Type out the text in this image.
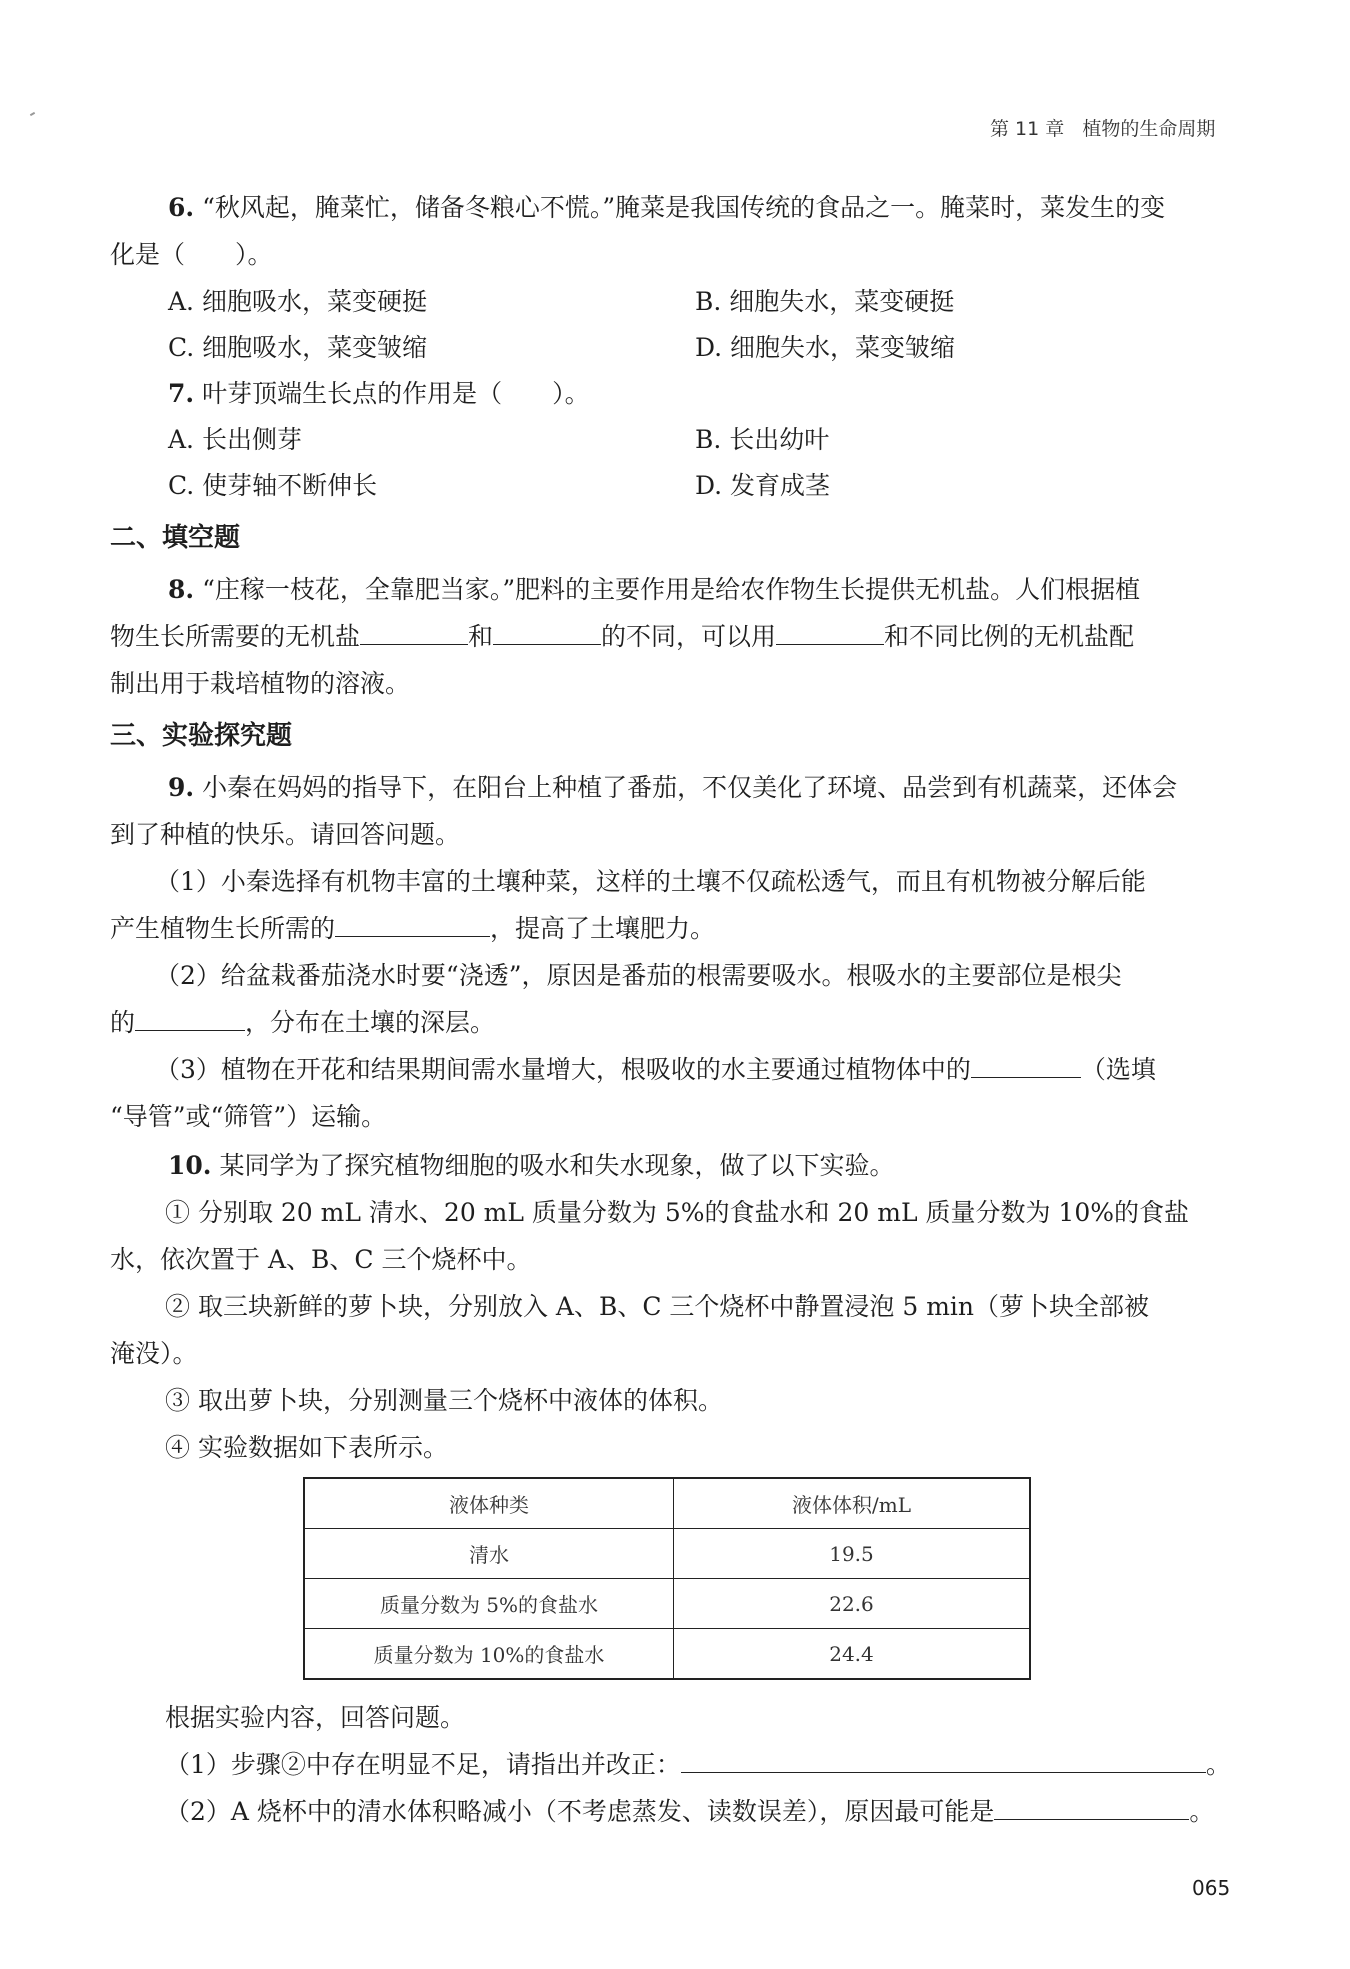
第 11 章 植物的生命周期
6. “秋风起，腌菜忙，储备冬粮心不慌。”腌菜是我国传统的食品之一。腌菜时，菜发生的变
化是（　　）。
A. 细胞吸水，菜变硬挺	B. 细胞失水，菜变硬挺
C. 细胞吸水，菜变皱缩	D. 细胞失水，菜变皱缩
7. 叶芽顶端生长点的作用是（　　）。
A. 长出侧芽	B. 长出幼叶
C. 使芽轴不断伸长	D. 发育成茎
二、填空题
8. “庄稼一枝花，全靠肥当家。”肥料的主要作用是给农作物生长提供无机盐。人们根据植
物生长所需要的无机盐	和	的不同，可以用	和不同比例的无机盐配
制出用于栽培植物的溶液。
三、实验探究题
9. 小秦在妈妈的指导下，在阳台上种植了番茄，不仅美化了环境、品尝到有机蔬菜，还体会
到了种植的快乐。请回答问题。
（1）小秦选择有机物丰富的土壤种菜，这样的土壤不仅疏松透气，而且有机物被分解后能
产生植物生长所需的	，提高了土壤肥力。
（2）给盆栽番茄浇水时要“浇透”，原因是番茄的根需要吸水。根吸水的主要部位是根尖
的	，分布在土壤的深层。
（3）植物在开花和结果期间需水量增大，根吸收的水主要通过植物体中的	（选填
“导管”或“筛管”）运输。
10. 某同学为了探究植物细胞的吸水和失水现象，做了以下实验。
① 分别取 20 mL 清水、20 mL 质量分数为 5%的食盐水和 20 mL 质量分数为 10%的食盐
水，依次置于 A、B、C 三个烧杯中。
② 取三块新鲜的萝卜块，分别放入 A、B、C 三个烧杯中静置浸泡 5 min（萝卜块全部被
淹没）。
③ 取出萝卜块，分别测量三个烧杯中液体的体积。
④ 实验数据如下表所示。
液体种类	液体体积/mL
清水	19.5
质量分数为 5%的食盐水	22.6
质量分数为 10%的食盐水	24.4
根据实验内容，回答问题。
（1）步骤②中存在明显不足，请指出并改正：	。
（2）A 烧杯中的清水体积略减小（不考虑蒸发、读数误差），原因最可能是	。
065
